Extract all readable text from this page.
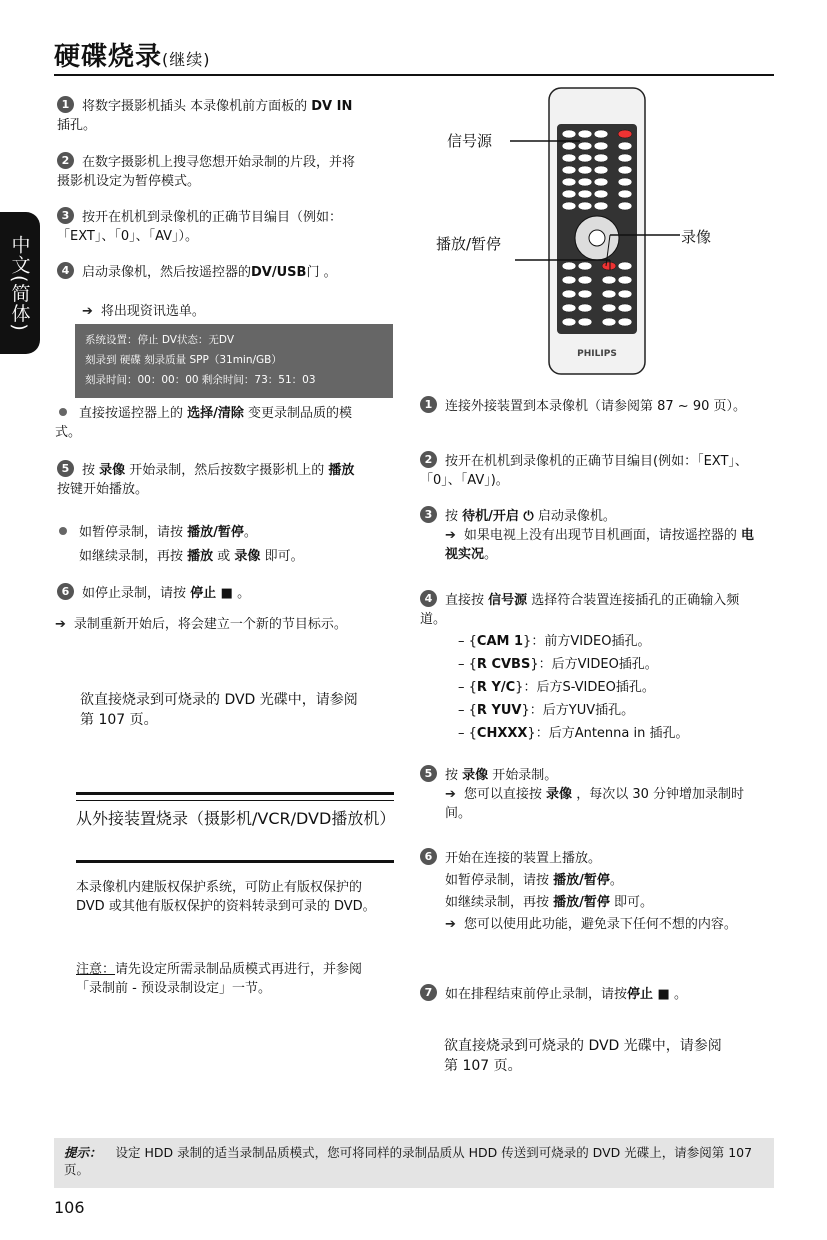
硬碟烧录(继续)
中文(简体)
1 将数字摄影机插头 本录像机前方面板的 DV IN 插孔。
2 在数字摄影机上搜寻您想开始录制的片段，并将摄影机设定为暂停模式。
3 按开在机机到录像机的正确节目编目（例如：「EXT」、「0」、「AV」）。
4 启动录像机，然后按遥控器的DV/USB门 。
➔ 将出现资讯选单。
系统设置：停止 DV状态：无DV
刻录到 硬碟 刻录质量 SPP（31min/GB）
刻录时间：00：00：00 剩余时间：73：51：03
直接按遥控器上的 选择/清除 变更录制品质的模式。
5 按 录像 开始录制，然后按数字摄影机上的 播放 按键开始播放。
如暂停录制，请按 播放/暂停。
如继续录制，再按 播放 或 录像 即可。
6 如停止录制，请按 停止 ■ 。
➔ 录制重新开始后，将会建立一个新的节目标示。
欲直接烧录到可烧录的 DVD 光碟中，请参阅第 107 页。
从外接装置烧录（摄影机/VCR/DVD播放机）
本录像机内建版权保护系统，可防止有版权保护的 DVD 或其他有版权保护的资料转录到可录的 DVD。
注意：请先设定所需录制品质模式再进行，并参阅「录制前 - 预设录制设定」一节。
PHILIPS
信号源
播放/暂停	录像
1 连接外接装置到本录像机（请参阅第 87 ~ 90 页）。
2 按开在机机到录像机的正确节目编目(例如：「EXT」、「0」、「AV」)。
3 按 待机/开启 ⏻ 启动录像机。
➔ 如果电视上没有出现节目机画面，请按遥控器的 电视实况。
4 直接按 信号源 选择符合装置连接插孔的正确输入频道。
– {CAM 1}：前方VIDEO插孔。
– {R CVBS}：后方VIDEO插孔。
– {R Y/C}：后方S-VIDEO插孔。
– {R YUV}：后方YUV插孔。
– {CHXXX}：后方Antenna in 插孔。
5 按 录像 开始录制。
➔ 您可以直接按 录像 ，每次以 30 分钟增加录制时间。
6 开始在连接的装置上播放。
如暂停录制，请按 播放/暂停。
如继续录制，再按 播放/暂停 即可。
➔ 您可以使用此功能，避免录下任何不想的内容。
7 如在排程结束前停止录制，请按停止 ■ 。
欲直接烧录到可烧录的 DVD 光碟中，请参阅第 107 页。
提示： 设定 HDD 录制的适当录制品质模式，您可将同样的录制品质从 HDD 传送到可烧录的 DVD 光碟上，请参阅第 107 页。
106
